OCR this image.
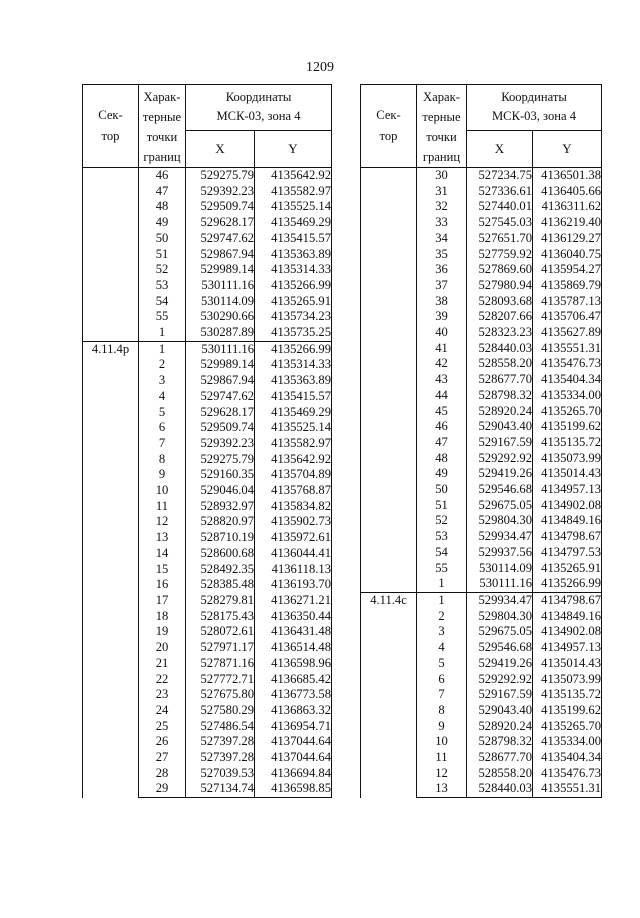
1209
Сек-
тор	Харак-
терные
точки
границ	Координаты
МСК-03, зона 4	

		X	Y
	46	529275.79	4135642.92
	47	529392.23	4135582.97
	48	529509.74	4135525.14
	49	529628.17	4135469.29
	50	529747.62	4135415.57
	51	529867.94	4135363.89
	52	529989.14	4135314.33
	53	530111.16	4135266.99
	54	530114.09	4135265.91
	55	530290.66	4135734.23
	1	530287.89	4135735.25
4.11.4р	1	530111.16	4135266.99
	2	529989.14	4135314.33
	3	529867.94	4135363.89
	4	529747.62	4135415.57
	5	529628.17	4135469.29
	6	529509.74	4135525.14
	7	529392.23	4135582.97
	8	529275.79	4135642.92
	9	529160.35	4135704.89
	10	529046.04	4135768.87
	11	528932.97	4135834.82
	12	528820.97	4135902.73
	13	528710.19	4135972.61
	14	528600.68	4136044.41
	15	528492.35	4136118.13
	16	528385.48	4136193.70
	17	528279.81	4136271.21
	18	528175.43	4136350.44
	19	528072.61	4136431.48
	20	527971.17	4136514.48
	21	527871.16	4136598.96
	22	527772.71	4136685.42
	23	527675.80	4136773.58
	24	527580.29	4136863.32
	25	527486.54	4136954.71
	26	527397.28	4137044.64
	27	527397.28	4137044.64
	28	527039.53	4136694.84
	29	527134.74	4136598.85
Сек-
тор	Харак-
терные
точки
границ	Координаты
МСК-03, зона 4	

		X	Y
	30	527234.75	4136501.38
	31	527336.61	4136405.66
	32	527440.01	4136311.62
	33	527545.03	4136219.40
	34	527651.70	4136129.27
	35	527759.92	4136040.75
	36	527869.60	4135954.27
	37	527980.94	4135869.79
	38	528093.68	4135787.13
	39	528207.66	4135706.47
	40	528323.23	4135627.89
	41	528440.03	4135551.31
	42	528558.20	4135476.73
	43	528677.70	4135404.34
	44	528798.32	4135334.00
	45	528920.24	4135265.70
	46	529043.40	4135199.62
	47	529167.59	4135135.72
	48	529292.92	4135073.99
	49	529419.26	4135014.43
	50	529546.68	4134957.13
	51	529675.05	4134902.08
	52	529804.30	4134849.16
	53	529934.47	4134798.67
	54	529937.56	4134797.53
	55	530114.09	4135265.91
	1	530111.16	4135266.99
4.11.4с	1	529934.47	4134798.67
	2	529804.30	4134849.16
	3	529675.05	4134902.08
	4	529546.68	4134957.13
	5	529419.26	4135014.43
	6	529292.92	4135073.99
	7	529167.59	4135135.72
	8	529043.40	4135199.62
	9	528920.24	4135265.70
	10	528798.32	4135334.00
	11	528677.70	4135404.34
	12	528558.20	4135476.73
	13	528440.03	4135551.31
